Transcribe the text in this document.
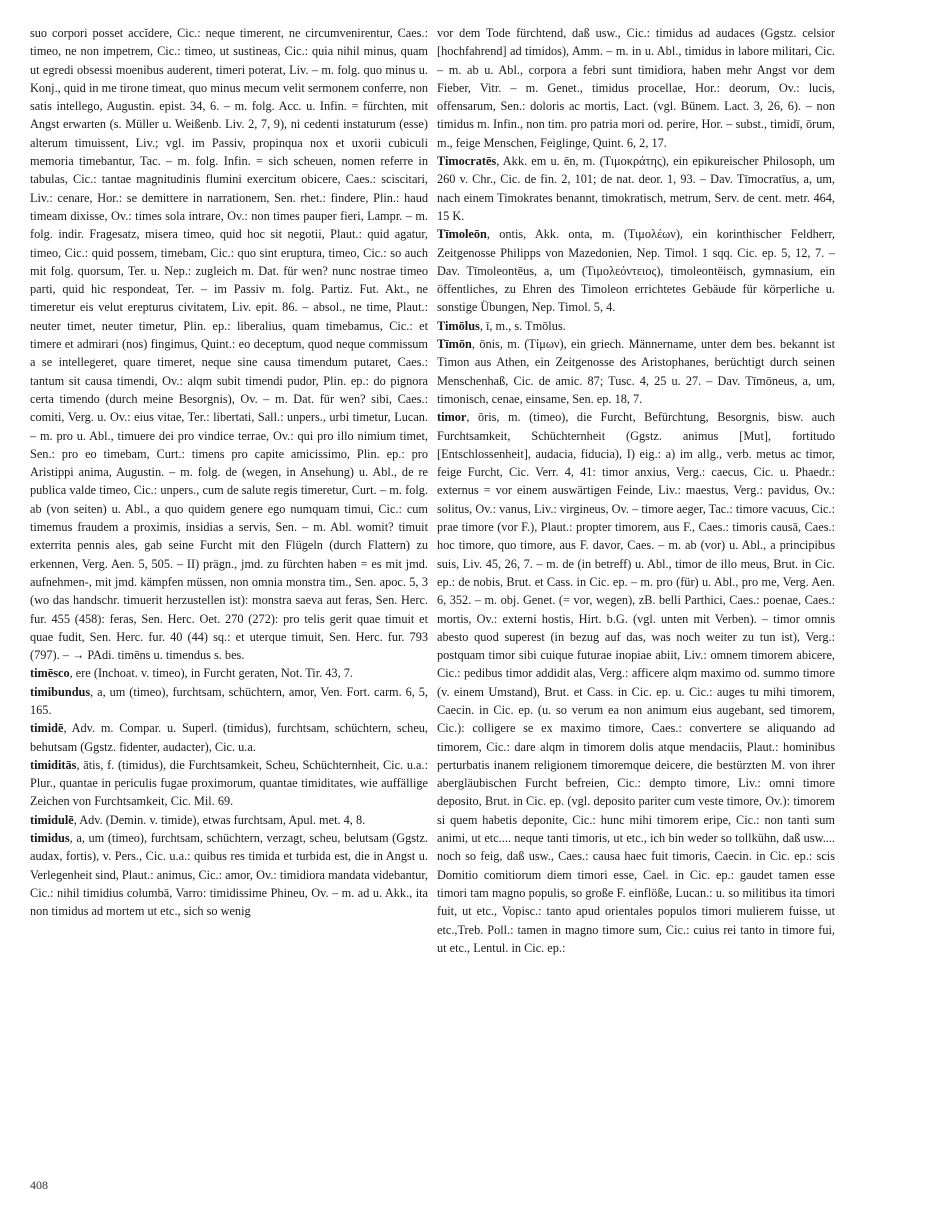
suo corpori posset accĭdere, Cic.: neque timerent, ne circumvenirentur, Caes.: timeo, ne non impetrem, Cic.: timeo, ut sustineas, Cic.: quia nihil minus, quam ut egredi obsessi moenibus auderent, timeri poterat, Liv. – m. folg. quo minus u. Konj., quid in me tirone timeat, quo minus mecum velit sermonem conferre, non satis intellego, Augustin. epist. 34, 6. – m. folg. Acc. u. Infin. = fürchten, mit Angst erwarten (s. Müller u. Weißenb. Liv. 2, 7, 9), ni cedenti instaturum (esse) alterum timuissent, Liv.; vgl. im Passiv, propinqua nox et uxorii cubiculi memoria timebantur, Tac. – m. folg. Infin. = sich scheuen, nomen referre in tabulas, Cic.: tantae magnitudinis flumini exercitum obicere, Caes.: sciscitari, Liv.: cenare, Hor.: se demittere in narrationem, Sen. rhet.: findere, Plin.: haud timeam dixisse, Ov.: times sola intrare, Ov.: non times pauper fieri, Lampr. – m. folg. indir. Fragesatz, misera timeo, quid hoc sit negotii, Plaut.: quid agatur, timeo, Cic.: quid possem, timebam, Cic.: quo sint eruptura, timeo, Cic.: so auch mit folg. quorsum, Ter. u. Nep.: zugleich m. Dat. für wen? nunc nostrae timeo parti, quid hic respondeat, Ter. – im Passiv m. folg. Partiz. Fut. Akt., ne timeretur eis velut erepturus civitatem, Liv. epit. 86. – absol., ne time, Plaut.: neuter timet, neuter timetur, Plin. ep.: liberalius, quam timebamus, Cic.: et timere et admirari (nos) fingimus, Quint.: eo deceptum, quod neque commissum a se intellegeret, quare timeret, neque sine causa timendum putaret, Caes.: tantum sit causa timendi, Ov.: alqm subit timendi pudor, Plin. ep.: do pignora certa timendo (durch meine Besorgnis), Ov. – m. Dat. für wen? sibi, Caes.: comiti, Verg. u. Ov.: eius vitae, Ter.: libertati, Sall.: unpers., urbi timetur, Lucan. – m. pro u. Abl., timuere dei pro vindice terrae, Ov.: qui pro illo nimium timet, Sen.: pro eo timebam, Curt.: timens pro capite amicissimo, Plin. ep.: pro Aristippi anima, Augustin. – m. folg. de (wegen, in Ansehung) u. Abl., de re publica valde timeo, Cic.: unpers., cum de salute regis timeretur, Curt. – m. folg. ab (von seiten) u. Abl., a quo quidem genere ego numquam timui, Cic.: cum timemus fraudem a proximis, insidias a servis, Sen. – m. Abl. womit? timuit exterrita pennis ales, gab seine Furcht mit den Flügeln (durch Flattern) zu erkennen, Verg. Aen. 5, 505. – II) prägn., jmd. zu fürchten haben = es mit jmd. aufnehmen-, mit jmd. kämpfen müssen, non omnia monstra tim., Sen. apoc. 5, 3 (wo das handschr. timuerit herzustellen ist): monstra saeva aut feras, Sen. Herc. fur. 455 (458): feras, Sen. Herc. Oet. 270 (272): pro telis gerit quae timuit et quae fudit, Sen. Herc. fur. 40 (44) sq.: et uterque timuit, Sen. Herc. fur. 793 (797). – → PAdi. timēns u. timendus s. bes.

timēsco, ere (Inchoat. v. timeo), in Furcht geraten, Not. Tir. 43, 7.

timibundus, a, um (timeo), furchtsam, schüchtern, amor, Ven. Fort. carm. 6, 5, 165.

timidē, Adv. m. Compar. u. Superl. (timidus), furchtsam, schüchtern, scheu, behutsam (Ggstz. fidenter, audacter), Cic. u.a.

timiditās, ātis, f. (timidus), die Furchtsamkeit, Scheu, Schüchternheit, Cic. u.a.: Plur., quantae in periculis fugae proximorum, quantae timiditates, wie auffällige Zeichen von Furchtsamkeit, Cic. Mil. 69.

timidulē, Adv. (Demin. v. timide), etwas furchtsam, Apul. met. 4, 8.

timidus, a, um (timeo), furchtsam, schüchtern, verzagt, scheu, belutsam (Ggstz. audax, fortis), v. Pers., Cic. u.a.: quibus res timida et turbida est, die in Angst u. Verlegenheit sind, Plaut.: animus, Cic.: amor, Ov.: timidiora mandata videbantur, Cic.: nihil timidius columbā, Varro: timidissime Phineu, Ov. – m. ad u. Akk., ita non timidus ad mortem ut etc., sich so wenig

vor dem Tode fürchtend, daß usw., Cic.: timidus ad audaces (Ggstz. celsior [hochfahrend] ad timidos), Amm. – m. in u. Abl., timidus in labore militari, Cic. – m. ab u. Abl., corpora a febri sunt timidiora, haben mehr Angst vor dem Fieber, Vitr. – m. Genet., timidus procellae, Hor.: deorum, Ov.: lucis, offensarum, Sen.: doloris ac mortis, Lact. (vgl. Bünem. Lact. 3, 26, 6). – non timidus m. Infin., non tim. pro patria mori od. perire, Hor. – subst., timidī, ōrum, m., feige Menschen, Feiglinge, Quint. 6, 2, 17.

Timocratēs, Akk. em u. ēn, m. (Τιμοκράτης), ein epikureischer Philosoph, um 260 v. Chr., Cic. de fin. 2, 101; de nat. deor. 1, 93. – Dav. Tīmocratīus, a, um, nach einem Timokrates benannt, timokratisch, metrum, Serv. de cent. metr. 464, 15 K.

Tīmoleōn, ontis, Akk. onta, m. (Τιμολέων), ein korinthischer Feldherr, Zeitgenosse Philipps von Mazedonien, Nep. Timol. 1 sqq. Cic. ep. 5, 12, 7. – Dav. Tīmoleontēus, a, um (Τιμολεόντειος), timoleontëisch, gymnasium, ein öffentliches, zu Ehren des Timoleon errichtetes Gebäude für körperliche u. sonstige Übungen, Nep. Timol. 5, 4.

Timōlus, ī, m., s. Tmōlus.

Tīmōn, ōnis, m. (Τίμων), ein griech. Männername, unter dem bes. bekannt ist Timon aus Athen, ein Zeitgenosse des Aristophanes, berüchtigt durch seinen Menschenhaß, Cic. de amic. 87; Tusc. 4, 25 u. 27. – Dav. Tīmōneus, a, um, timonisch, cenae, einsame, Sen. ep. 18, 7.

timor, ōris, m. (timeo), die Furcht, Befürchtung, Besorgnis, bisw. auch Furchtsamkeit, Schüchternheit (Ggstz. animus [Mut], fortitudo [Entschlossenheit], audacia, fiducia), I) eig.: a) im allg., verb. metus ac timor, feige Furcht, Cic. Verr. 4, 41: timor anxius, Verg.: caecus, Cic. u. Phaedr.: externus = vor einem auswärtigen Feinde, Liv.: maestus, Verg.: pavidus, Ov.: solitus, Ov.: vanus, Liv.: virgineus, Ov. – timore aeger, Tac.: timore vacuus, Cic.: prae timore (vor F.), Plaut.: propter timorem, aus F., Caes.: timoris causā, Caes.: hoc timore, quo timore, aus F. davor, Caes. – m. ab (vor) u. Abl., a principibus suis, Liv. 45, 26, 7. – m. de (in betreff) u. Abl., timor de illo meus, Brut. in Cic. ep.: de nobis, Brut. et Cass. in Cic. ep. – m. pro (für) u. Abl., pro me, Verg. Aen. 6, 352. – m. obj. Genet. (= vor, wegen), zB. belli Parthici, Caes.: poenae, Caes.: mortis, Ov.: externi hostis, Hirt. b.G. (vgl. unten mit Verben). – timor omnis abesto quod superest (in bezug auf das, was noch weiter zu tun ist), Verg.: postquam timor sibi cuique futurae inopiae abiit, Liv.: omnem timorem abicere, Cic.: pedibus timor addidit alas, Verg.: afficere alqm maximo od. summo timore (v. einem Umstand), Brut. et Cass. in Cic. ep. u. Cic.: auges tu mihi timorem, Caecin. in Cic. ep. (u. so verum ea non animum eius augebant, sed timorem, Cic.): colligere se ex maximo timore, Caes.: convertere se aliquando ad timorem, Cic.: dare alqm in timorem dolis atque mendaciis, Plaut.: hominibus perturbatis inanem religionem timoremque deicere, die bestürzten M. von ihrer abergläubischen Furcht befreien, Cic.: dempto timore, Liv.: omni timore deposito, Brut. in Cic. ep. (vgl. deposito pariter cum veste timore, Ov.): timorem si quem habetis deponite, Cic.: hunc mihi timorem eripe, Cic.: non tanti sum animi, ut etc.... neque tanti timoris, ut etc., ich bin weder so tollkühn, daß usw.... noch so feig, daß usw., Caes.: causa haec fuit timoris, Caecin. in Cic. ep.: scis Domitio comitiorum diem timori esse, Cael. in Cic. ep.: gaudet tamen esse timori tam magno populis, so große F. einflöße, Lucan.: u. so militibus ita timori fuit, ut etc., Vopisc.: tanto apud orientales populos timori mulierem fuisse, ut etc.,Treb. Poll.: tamen in magno timore sum, Cic.: cuius rei tanto in timore fui, ut etc., Lentul. in Cic. ep.:

408
